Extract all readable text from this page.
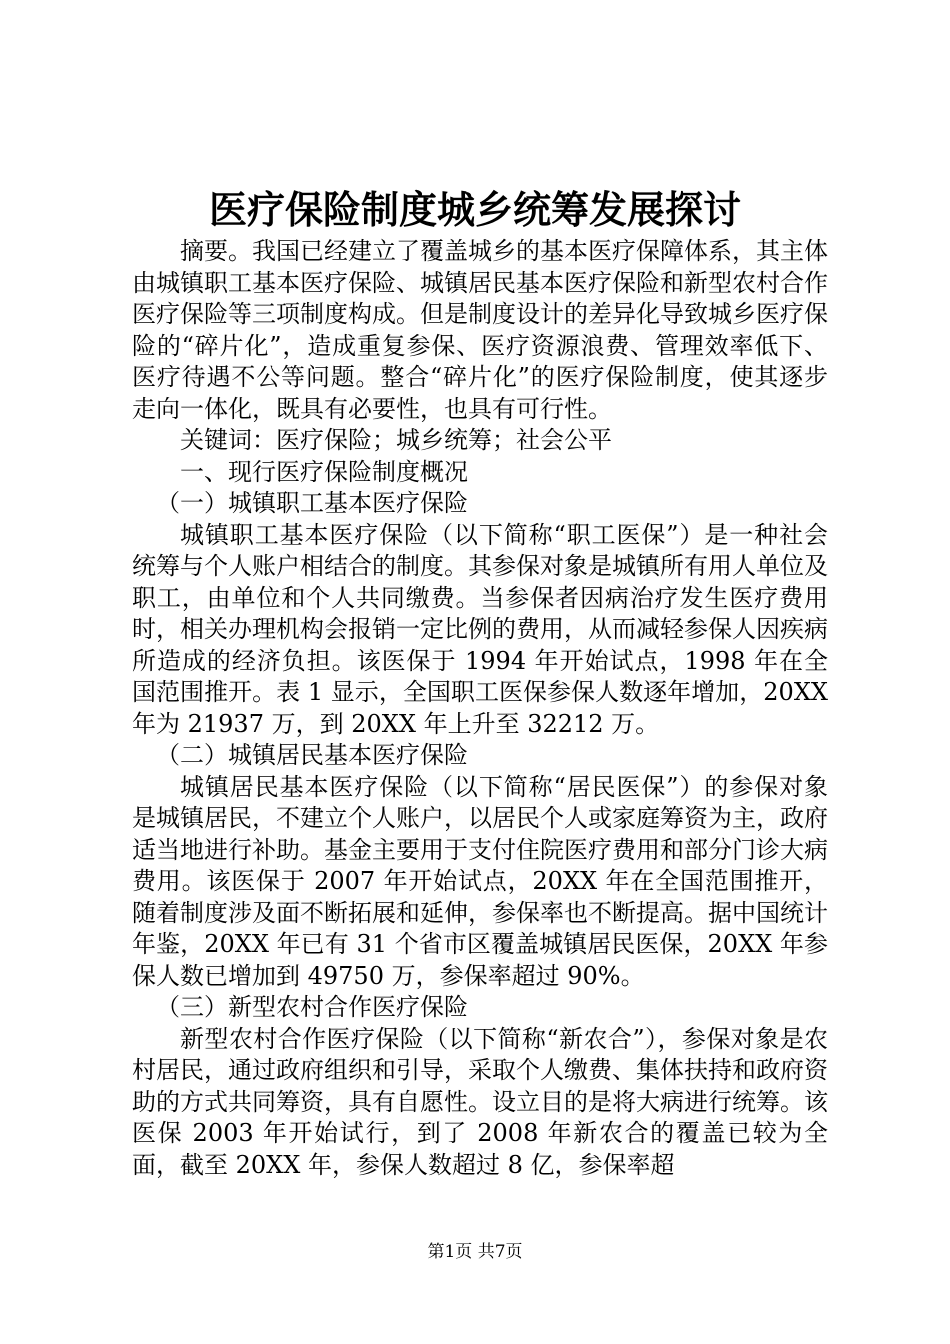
医疗保险制度城乡统筹发展探讨

摘要。我国已经建立了覆盖城乡的基本医疗保障体系，其主体由城镇职工基本医疗保险、城镇居民基本医疗保险和新型农村合作医疗保险等三项制度构成。但是制度设计的差异化导致城乡医疗保险的“碎片化”，造成重复参保、医疗资源浪费、管理效率低下、医疗待遇不公等问题。整合“碎片化”的医疗保险制度，使其逐步走向一体化，既具有必要性，也具有可行性。

关键词：医疗保险；城乡统筹；社会公平

一、现行医疗保险制度概况

（一）城镇职工基本医疗保险

城镇职工基本医疗保险（以下简称“职工医保”）是一种社会统筹与个人账户相结合的制度。其参保对象是城镇所有用人单位及职工，由单位和个人共同缴费。当参保者因病治疗发生医疗费用时，相关办理机构会报销一定比例的费用，从而减轻参保人因疾病所造成的经济负担。该医保于 1994 年开始试点，1998 年在全国范围推开。表 1 显示，全国职工医保参保人数逐年增加，20XX 年为 21937 万，到 20XX 年上升至 32212 万。

（二）城镇居民基本医疗保险

城镇居民基本医疗保险（以下简称“居民医保”）的参保对象是城镇居民，不建立个人账户，以居民个人或家庭筹资为主，政府适当地进行补助。基金主要用于支付住院医疗费用和部分门诊大病费用。该医保于 2007 年开始试点，20XX 年在全国范围推开，随着制度涉及面不断拓展和延伸，参保率也不断提高。据中国统计年鉴，20XX 年已有 31 个省市区覆盖城镇居民医保，20XX 年参保人数已增加到 49750 万，参保率超过 90%。

（三）新型农村合作医疗保险

新型农村合作医疗保险（以下简称“新农合”），参保对象是农村居民，通过政府组织和引导，采取个人缴费、集体扶持和政府资助的方式共同筹资，具有自愿性。设立目的是将大病进行统筹。该医保 2003 年开始试行，到了 2008 年新农合的覆盖已较为全面，截至 20XX 年，参保人数超过 8 亿，参保率超

第1页 共7页
